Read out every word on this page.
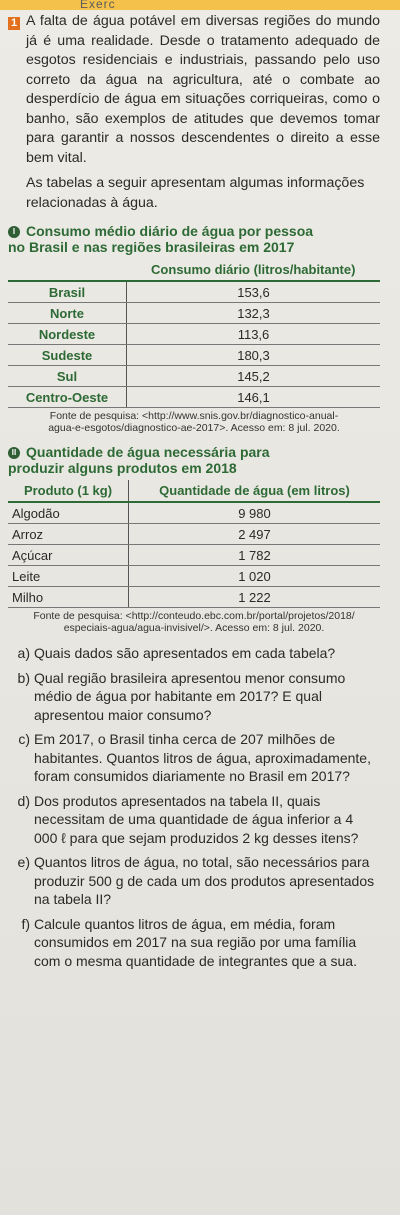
Exerc
1 A falta de água potável em diversas regiões do mundo já é uma realidade. Desde o tratamento adequado de esgotos residenciais e industriais, passando pelo uso correto da água na agricultura, até o combate ao desperdício de água em situações corriqueiras, como o banho, são exemplos de atitudes que devemos tomar para garantir a nossos descendentes o direito a esse bem vital.

As tabelas a seguir apresentam algumas informações relacionadas à água.

I Consumo médio diário de água por pessoa
no Brasil e nas regiões brasileiras em 2017
	Consumo diário (litros/habitante)
Brasil	153,6
Norte	132,3
Nordeste	113,6
Sudeste	180,3
Sul	145,2
Centro-Oeste	146,1
Fonte de pesquisa: <http://www.snis.gov.br/diagnostico-anual-
agua-e-esgotos/diagnostico-ae-2017>. Acesso em: 8 jul. 2020.
II Quantidade de água necessária para
produzir alguns produtos em 2018
Produto (1 kg)	Quantidade de água (em litros)
Algodão	9 980
Arroz	2 497
Açúcar	1 782
Leite	1 020
Milho	1 222
Fonte de pesquisa: <http://conteudo.ebc.com.br/portal/projetos/2018/
especiais-agua/agua-invisivel/>. Acesso em: 8 jul. 2020.
a) Quais dados são apresentados em cada tabela?
b) Qual região brasileira apresentou menor consumo médio de água por habitante em 2017? E qual apresentou maior consumo?
c) Em 2017, o Brasil tinha cerca de 207 milhões de habitantes. Quantos litros de água, aproximadamente, foram consumidos diariamente no Brasil em 2017?
d) Dos produtos apresentados na tabela II, quais necessitam de uma quantidade de água inferior a 4 000 ℓ para que sejam produzidos 2 kg desses itens?
e) Quantos litros de água, no total, são necessários para produzir 500 g de cada um dos produtos apresentados na tabela II?
f) Calcule quantos litros de água, em média, foram consumidos em 2017 na sua região por uma família com o mesma quantidade de integrantes que a sua.
